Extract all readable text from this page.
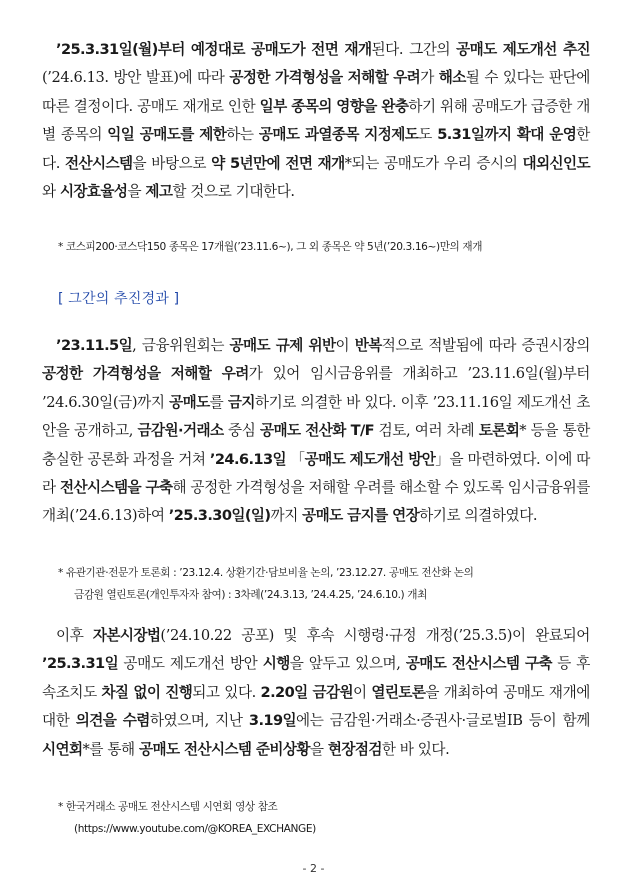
’25.3.31일(월)부터 예정대로 공매도가 전면 재개된다. 그간의 공매도 제도개선 추진(’24.6.13. 방안 발표)에 따라 공정한 가격형성을 저해할 우려가 해소될 수 있다는 판단에 따른 결정이다. 공매도 재개로 인한 일부 종목의 영향을 완충하기 위해 공매도가 급증한 개별 종목의 익일 공매도를 제한하는 공매도 과열종목 지정제도도 5.31일까지 확대 운영한다. 전산시스템을 바탕으로 약 5년만에 전면 재개*되는 공매도가 우리 증시의 대외신인도와 시장효율성을 제고할 것으로 기대한다.

* 코스피200·코스닥150 종목은 17개월(’23.11.6~), 그 외 종목은 약 5년(’20.3.16~)만의 재개

[ 그간의 추진경과 ]

’23.11.5일, 금융위원회는 공매도 규제 위반이 반복적으로 적발됨에 따라 증권시장의 공정한 가격형성을 저해할 우려가 있어 임시금융위를 개최하고 ’23.11.6일(월)부터 ’24.6.30일(금)까지 공매도를 금지하기로 의결한 바 있다. 이후 ’23.11.16일 제도개선 초안을 공개하고, 금감원·거래소 중심 공매도 전산화 T/F 검토, 여러 차례 토론회* 등을 통한 충실한 공론화 과정을 거쳐 ’24.6.13일 「공매도 제도개선 방안」을 마련하였다. 이에 따라 전산시스템을 구축해 공정한 가격형성을 저해할 우려를 해소할 수 있도록 임시금융위를 개최(’24.6.13)하여 ’25.3.30일(일)까지 공매도 금지를 연장하기로 의결하였다.

* 유관기관·전문가 토론회 : ’23.12.4. 상환기간·담보비율 논의, ’23.12.27. 공매도 전산화 논의
금감원 열린토론(개인투자자 참여) : 3차례(’24.3.13, ’24.4.25, ’24.6.10.) 개최

이후 자본시장법(’24.10.22 공포) 및 후속 시행령·규정 개정(’25.3.5)이 완료되어 ’25.3.31일 공매도 제도개선 방안 시행을 앞두고 있으며, 공매도 전산시스템 구축 등 후속조치도 차질 없이 진행되고 있다. 2.20일 금감원이 열린토론을 개최하여 공매도 재개에 대한 의견을 수렴하였으며, 지난 3.19일에는 금감원·거래소·증권사·글로벌IB 등이 함께 시연회*를 통해 공매도 전산시스템 준비상황을 현장점검한 바 있다.

* 한국거래소 공매도 전산시스템 시연회 영상 참조
(https://www.youtube.com/@KOREA_EXCHANGE)

- 2 -
